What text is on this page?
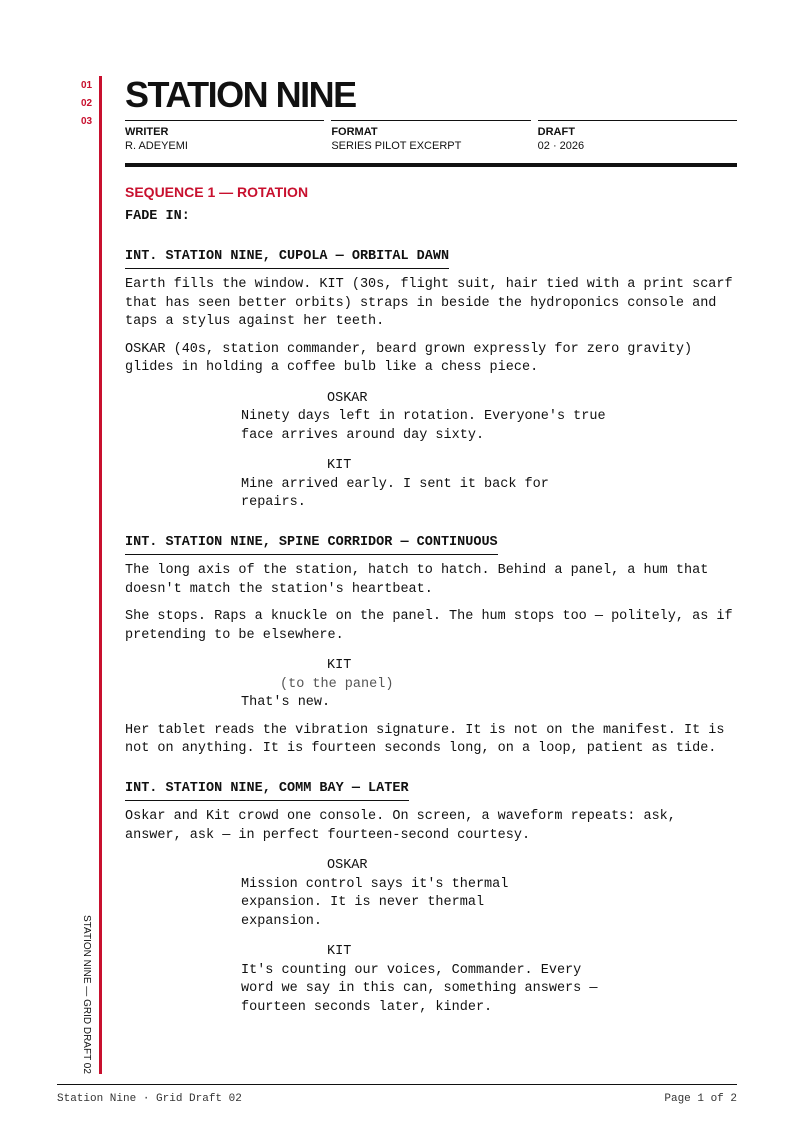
01
02
03
STATION NINE — GRID DRAFT 02
STATION NINE
WRITER
R. ADEYEMI
FORMAT
SERIES PILOT EXCERPT
DRAFT
02 · 2026
SEQUENCE 1 — ROTATION
FADE IN:
INT. STATION NINE, CUPOLA — ORBITAL DAWN

Earth fills the window. KIT (30s, flight suit, hair tied with a print scarf that has seen better orbits) straps in beside the hydroponics console and taps a stylus against her teeth.

OSKAR (40s, station commander, beard grown expressly for zero gravity) glides in holding a coffee bulb like a chess piece.

OSKAR
Ninety days left in rotation. Everyone's true face arrives around day sixty.
KIT
Mine arrived early. I sent it back for repairs.
INT. STATION NINE, SPINE CORRIDOR — CONTINUOUS

The long axis of the station, hatch to hatch. Behind a panel, a hum that doesn't match the station's heartbeat.

She stops. Raps a knuckle on the panel. The hum stops too — politely, as if pretending to be elsewhere.

KIT
(to the panel)
That's new.

Her tablet reads the vibration signature. It is not on the manifest. It is not on anything. It is fourteen seconds long, on a loop, patient as tide.

INT. STATION NINE, COMM BAY — LATER

Oskar and Kit crowd one console. On screen, a waveform repeats: ask, answer, ask — in perfect fourteen-second courtesy.

OSKAR
Mission control says it's thermal expansion. It is never thermal expansion.
KIT
It's counting our voices, Commander. Every word we say in this can, something answers — fourteen seconds later, kinder.
Station Nine · Grid Draft 02	Page 1 of 2
